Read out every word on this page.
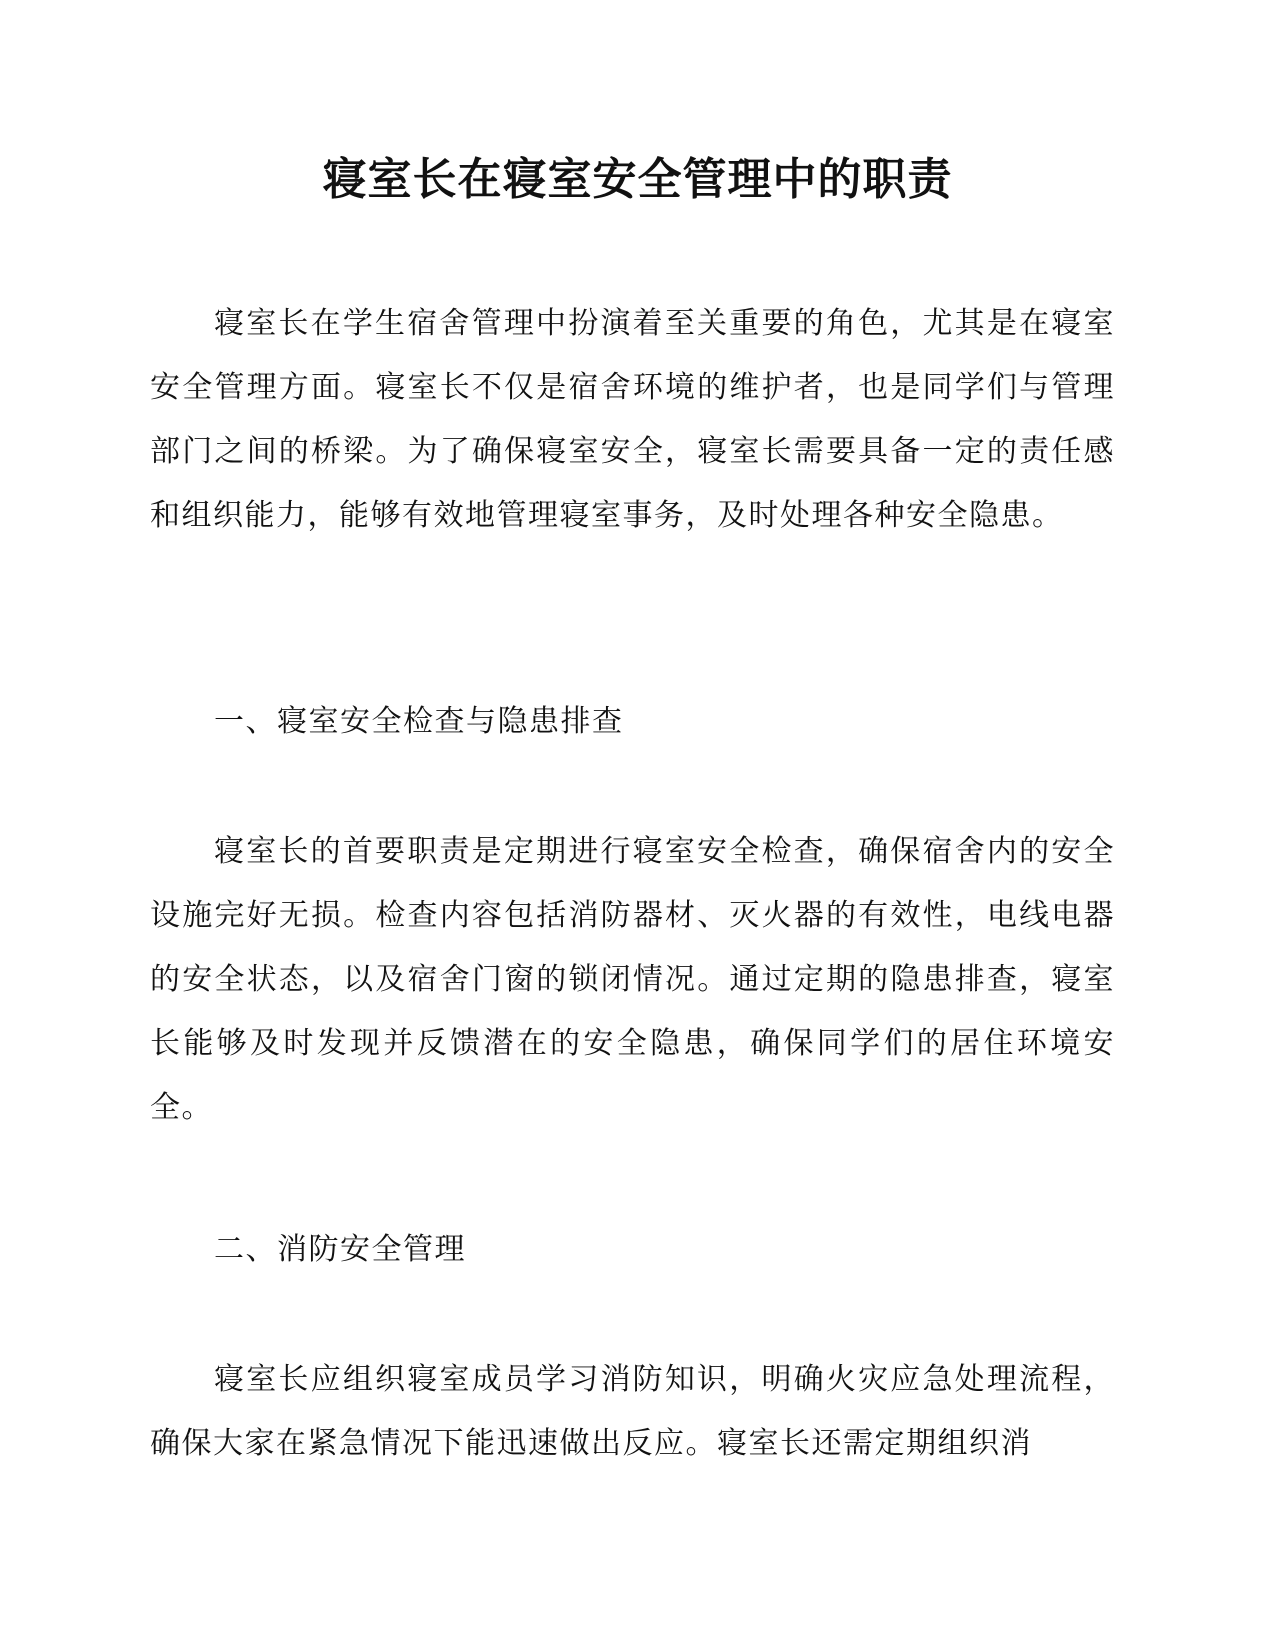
寝室长在寝室安全管理中的职责

寝室长在学生宿舍管理中扮演着至关重要的角色，尤其是在寝室安全管理方面。寝室长不仅是宿舍环境的维护者，也是同学们与管理部门之间的桥梁。为了确保寝室安全，寝室长需要具备一定的责任感和组织能力，能够有效地管理寝室事务，及时处理各种安全隐患。

一、寝室安全检查与隐患排查

寝室长的首要职责是定期进行寝室安全检查，确保宿舍内的安全设施完好无损。检查内容包括消防器材、灭火器的有效性，电线电器的安全状态，以及宿舍门窗的锁闭情况。通过定期的隐患排查，寝室长能够及时发现并反馈潜在的安全隐患，确保同学们的居住环境安全。

二、消防安全管理

寝室长应组织寝室成员学习消防知识，明确火灾应急处理流程，确保大家在紧急情况下能迅速做出反应。寝室长还需定期组织消
